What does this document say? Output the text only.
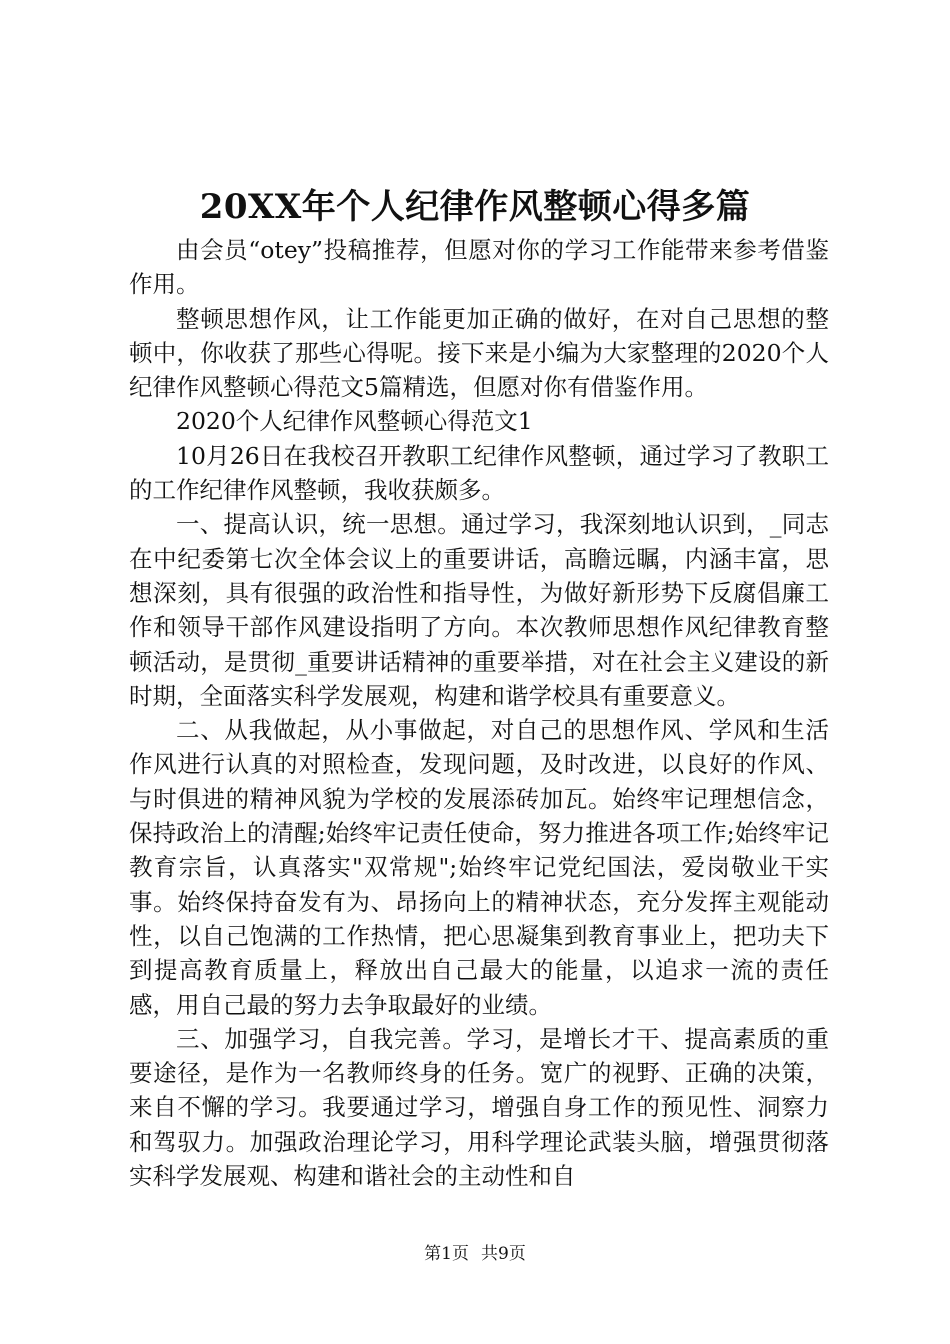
20XX年个人纪律作风整顿心得多篇

由会员“otey”投稿推荐，但愿对你的学习工作能带来参考借鉴作用。

整顿思想作风，让工作能更加正确的做好，在对自己思想的整顿中，你收获了那些心得呢。接下来是小编为大家整理的2020个人纪律作风整顿心得范文5篇精选，但愿对你有借鉴作用。

2020个人纪律作风整顿心得范文1

10月26日在我校召开教职工纪律作风整顿，通过学习了教职工的工作纪律作风整顿，我收获颇多。

一、提高认识，统一思想。通过学习，我深刻地认识到，_同志在中纪委第七次全体会议上的重要讲话，高瞻远瞩，内涵丰富，思想深刻，具有很强的政治性和指导性，为做好新形势下反腐倡廉工作和领导干部作风建设指明了方向。本次教师思想作风纪律教育整顿活动，是贯彻_重要讲话精神的重要举措，对在社会主义建设的新时期，全面落实科学发展观，构建和谐学校具有重要意义。

二、从我做起，从小事做起，对自己的思想作风、学风和生活作风进行认真的对照检查，发现问题，及时改进，以良好的作风、与时俱进的精神风貌为学校的发展添砖加瓦。始终牢记理想信念，保持政治上的清醒;始终牢记责任使命，努力推进各项工作;始终牢记教育宗旨，认真落实"双常规";始终牢记党纪国法，爱岗敬业干实事。始终保持奋发有为、昂扬向上的精神状态，充分发挥主观能动性，以自己饱满的工作热情，把心思凝集到教育事业上，把功夫下到提高教育质量上，释放出自己最大的能量，以追求一流的责任感，用自己最的努力去争取最好的业绩。

三、加强学习，自我完善。学习，是增长才干、提高素质的重要途径，是作为一名教师终身的任务。宽广的视野、正确的决策，来自不懈的学习。我要通过学习，增强自身工作的预见性、洞察力和驾驭力。加强政治理论学习，用科学理论武装头脑，增强贯彻落实科学发展观、构建和谐社会的主动性和自

第1页 共9页
